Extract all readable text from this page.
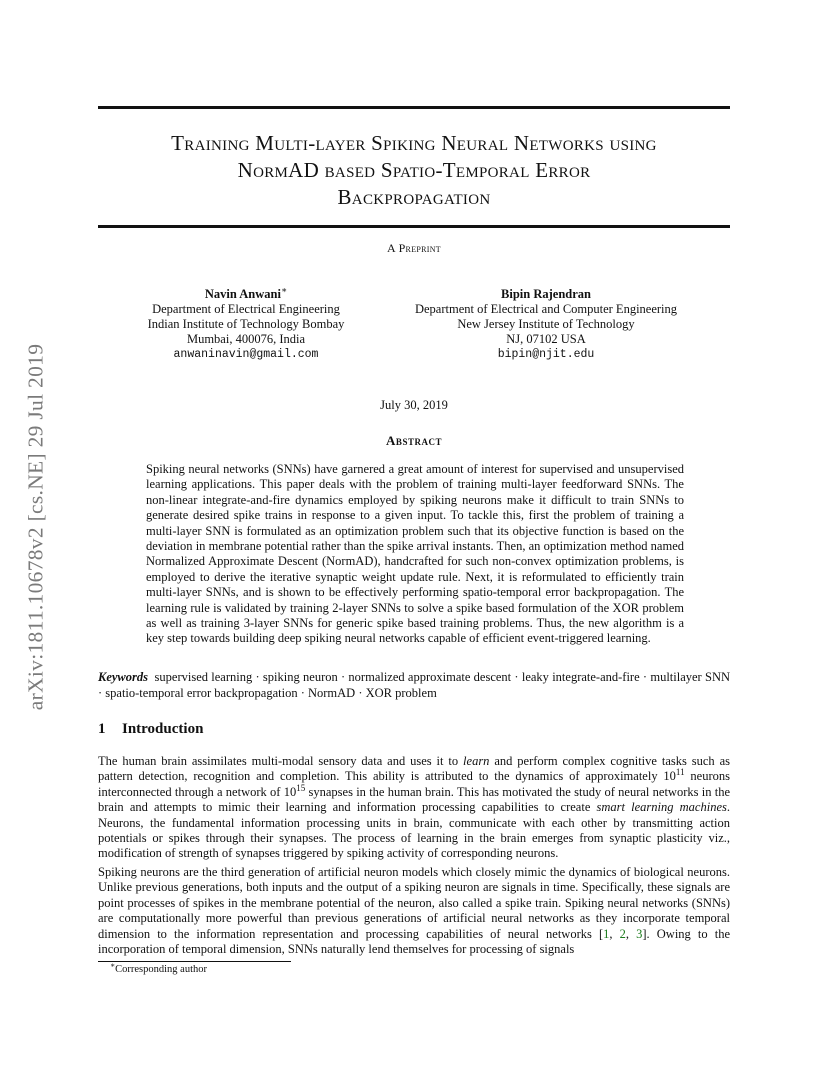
arXiv:1811.10678v2 [cs.NE] 29 Jul 2019
Training Multi-layer Spiking Neural Networks using
NormAD based Spatio-Temporal Error
Backpropagation
A Preprint
Navin Anwani∗
Department of Electrical Engineering
Indian Institute of Technology Bombay
Mumbai, 400076, India
anwaninavin@gmail.com
Bipin Rajendran
Department of Electrical and Computer Engineering
New Jersey Institute of Technology
NJ, 07102 USA
bipin@njit.edu
July 30, 2019
Abstract

Spiking neural networks (SNNs) have garnered a great amount of interest for supervised and unsupervised learning applications. This paper deals with the problem of training multi-layer feedforward SNNs. The non-linear integrate-and-fire dynamics employed by spiking neurons make it difficult to train SNNs to generate desired spike trains in response to a given input. To tackle this, first the problem of training a multi-layer SNN is formulated as an optimization problem such that its objective function is based on the deviation in membrane potential rather than the spike arrival instants. Then, an optimization method named Normalized Approximate Descent (NormAD), handcrafted for such non-convex optimization problems, is employed to derive the iterative synaptic weight update rule. Next, it is reformulated to efficiently train multi-layer SNNs, and is shown to be effectively performing spatio-temporal error backpropagation. The learning rule is validated by training 2-layer SNNs to solve a spike based formulation of the XOR problem as well as training 3-layer SNNs for generic spike based training problems. Thus, the new algorithm is a key step towards building deep spiking neural networks capable of efficient event-triggered learning.

Keywords supervised learning · spiking neuron · normalized approximate descent · leaky integrate-and-fire · multilayer SNN · spatio-temporal error backpropagation · NormAD · XOR problem

1 Introduction

The human brain assimilates multi-modal sensory data and uses it to learn and perform complex cognitive tasks such as pattern detection, recognition and completion. This ability is attributed to the dynamics of approximately $10^{11}$ neurons interconnected through a network of $10^{15}$ synapses in the human brain. This has motivated the study of neural networks in the brain and attempts to mimic their learning and information processing capabilities to create smart learning machines. Neurons, the fundamental information processing units in brain, communicate with each other by transmitting action potentials or spikes through their synapses. The process of learning in the brain emerges from synaptic plasticity viz., modification of strength of synapses triggered by spiking activity of corresponding neurons.

Spiking neurons are the third generation of artificial neuron models which closely mimic the dynamics of biological neurons. Unlike previous generations, both inputs and the output of a spiking neuron are signals in time. Specifically, these signals are point processes of spikes in the membrane potential of the neuron, also called a spike train. Spiking neural networks (SNNs) are computationally more powerful than previous generations of artificial neural networks as they incorporate temporal dimension to the information representation and processing capabilities of neural networks [1, 2, 3]. Owing to the incorporation of temporal dimension, SNNs naturally lend themselves for processing of signals

∗Corresponding author
